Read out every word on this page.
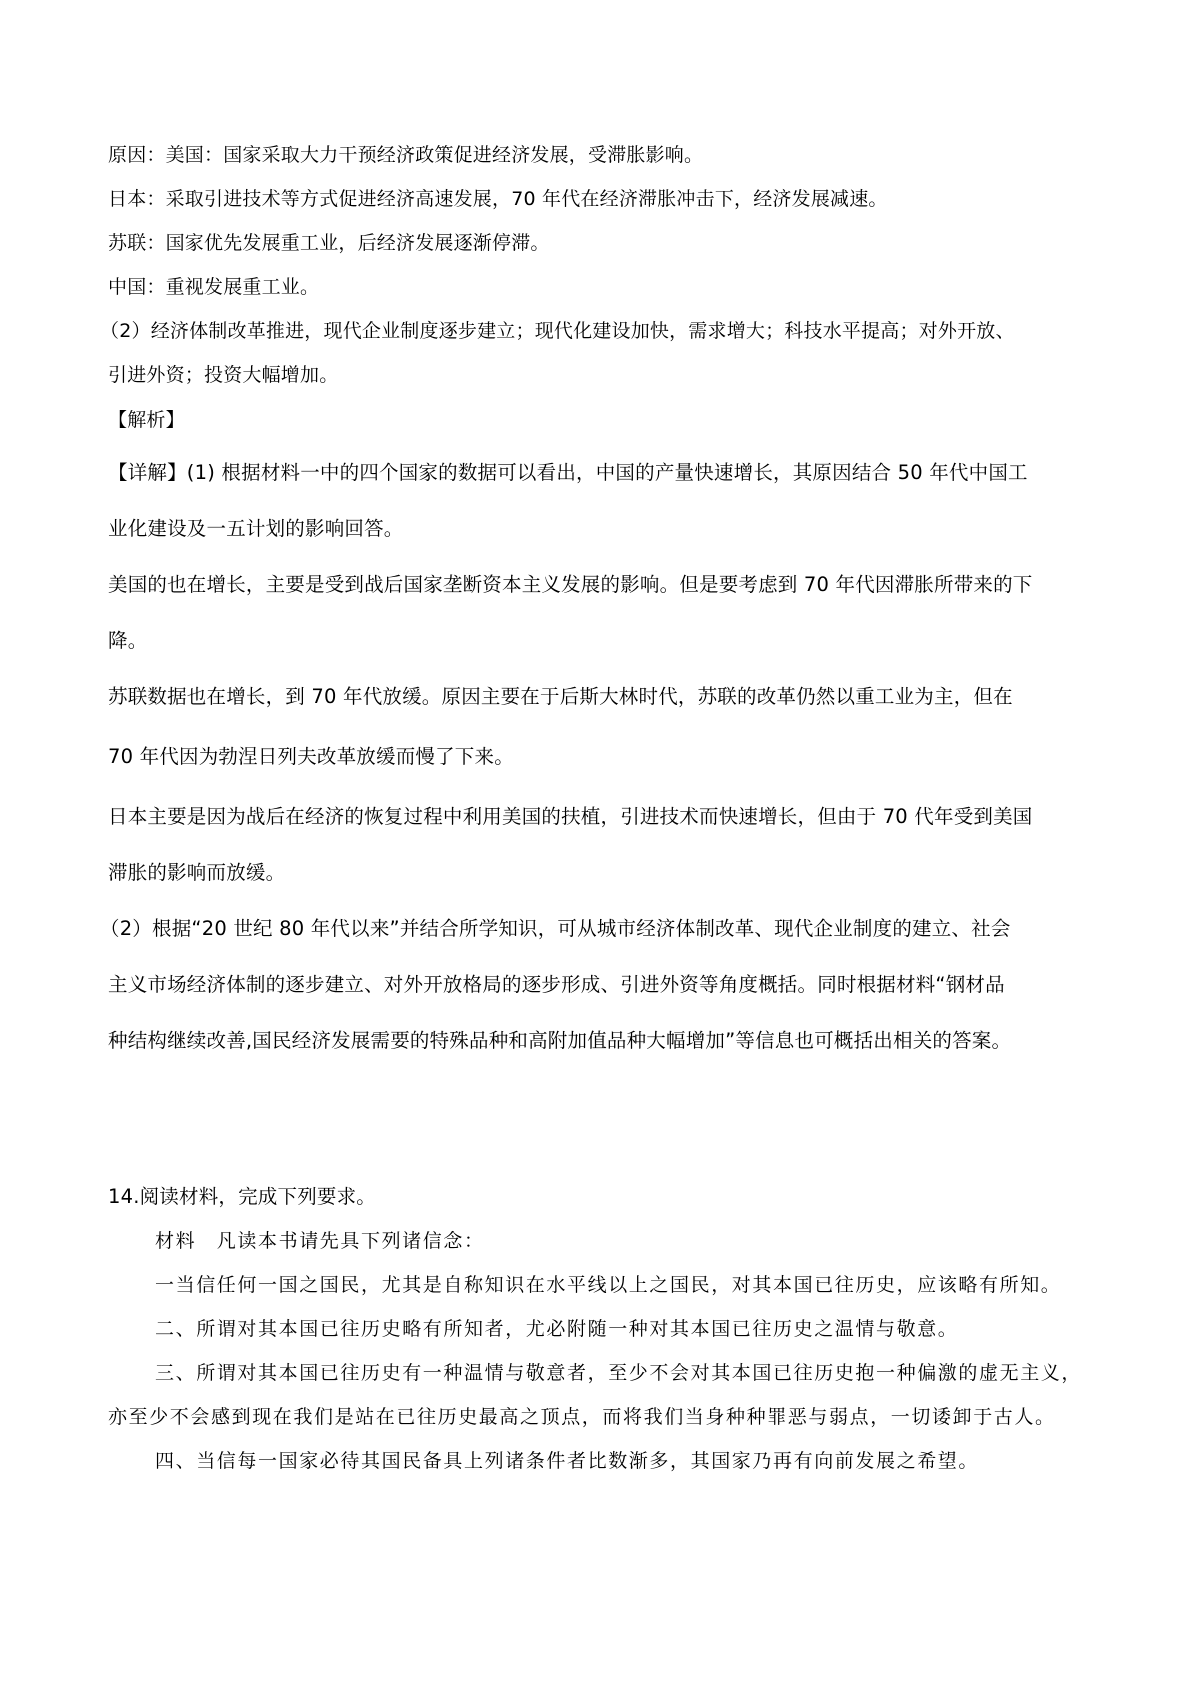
原因：美国：国家采取大力干预经济政策促进经济发展，受滞胀影响。
日本：采取引进技术等方式促进经济高速发展，70 年代在经济滞胀冲击下，经济发展减速。
苏联：国家优先发展重工业，后经济发展逐渐停滞。
中国：重视发展重工业。
（2）经济体制改革推进，现代企业制度逐步建立；现代化建设加快，需求增大；科技水平提高；对外开放、
引进外资；投资大幅增加。
【解析】
【详解】(1) 根据材料一中的四个国家的数据可以看出，中国的产量快速增长，其原因结合 50 年代中国工
业化建设及一五计划的影响回答。
美国的也在增长，主要是受到战后国家垄断资本主义发展的影响。但是要考虑到 70 年代因滞胀所带来的下
降。
苏联数据也在增长，到 70 年代放缓。原因主要在于后斯大林时代，苏联的改革仍然以重工业为主，但在
70 年代因为勃涅日列夫改革放缓而慢了下来。
日本主要是因为战后在经济的恢复过程中利用美国的扶植，引进技术而快速增长，但由于 70 代年受到美国
滞胀的影响而放缓。
（2）根据“20 世纪 80 年代以来”并结合所学知识，可从城市经济体制改革、现代企业制度的建立、社会
主义市场经济体制的逐步建立、对外开放格局的逐步形成、引进外资等角度概括。同时根据材料“钢材品
种结构继续改善,国民经济发展需要的特殊品种和高附加值品种大幅增加”等信息也可概括出相关的答案。
14.阅读材料，完成下列要求。
材料　凡读本书请先具下列诸信念：
一当信任何一国之国民，尤其是自称知识在水平线以上之国民，对其本国已往历史，应该略有所知。
二、所谓对其本国已往历史略有所知者，尤必附随一种对其本国已往历史之温情与敬意。
三、所谓对其本国已往历史有一种温情与敬意者，至少不会对其本国已往历史抱一种偏激的虚无主义，
亦至少不会感到现在我们是站在已往历史最高之顶点，而将我们当身种种罪恶与弱点，一切诿卸于古人。
四、当信每一国家必待其国民备具上列诸条件者比数渐多，其国家乃再有向前发展之希望。
